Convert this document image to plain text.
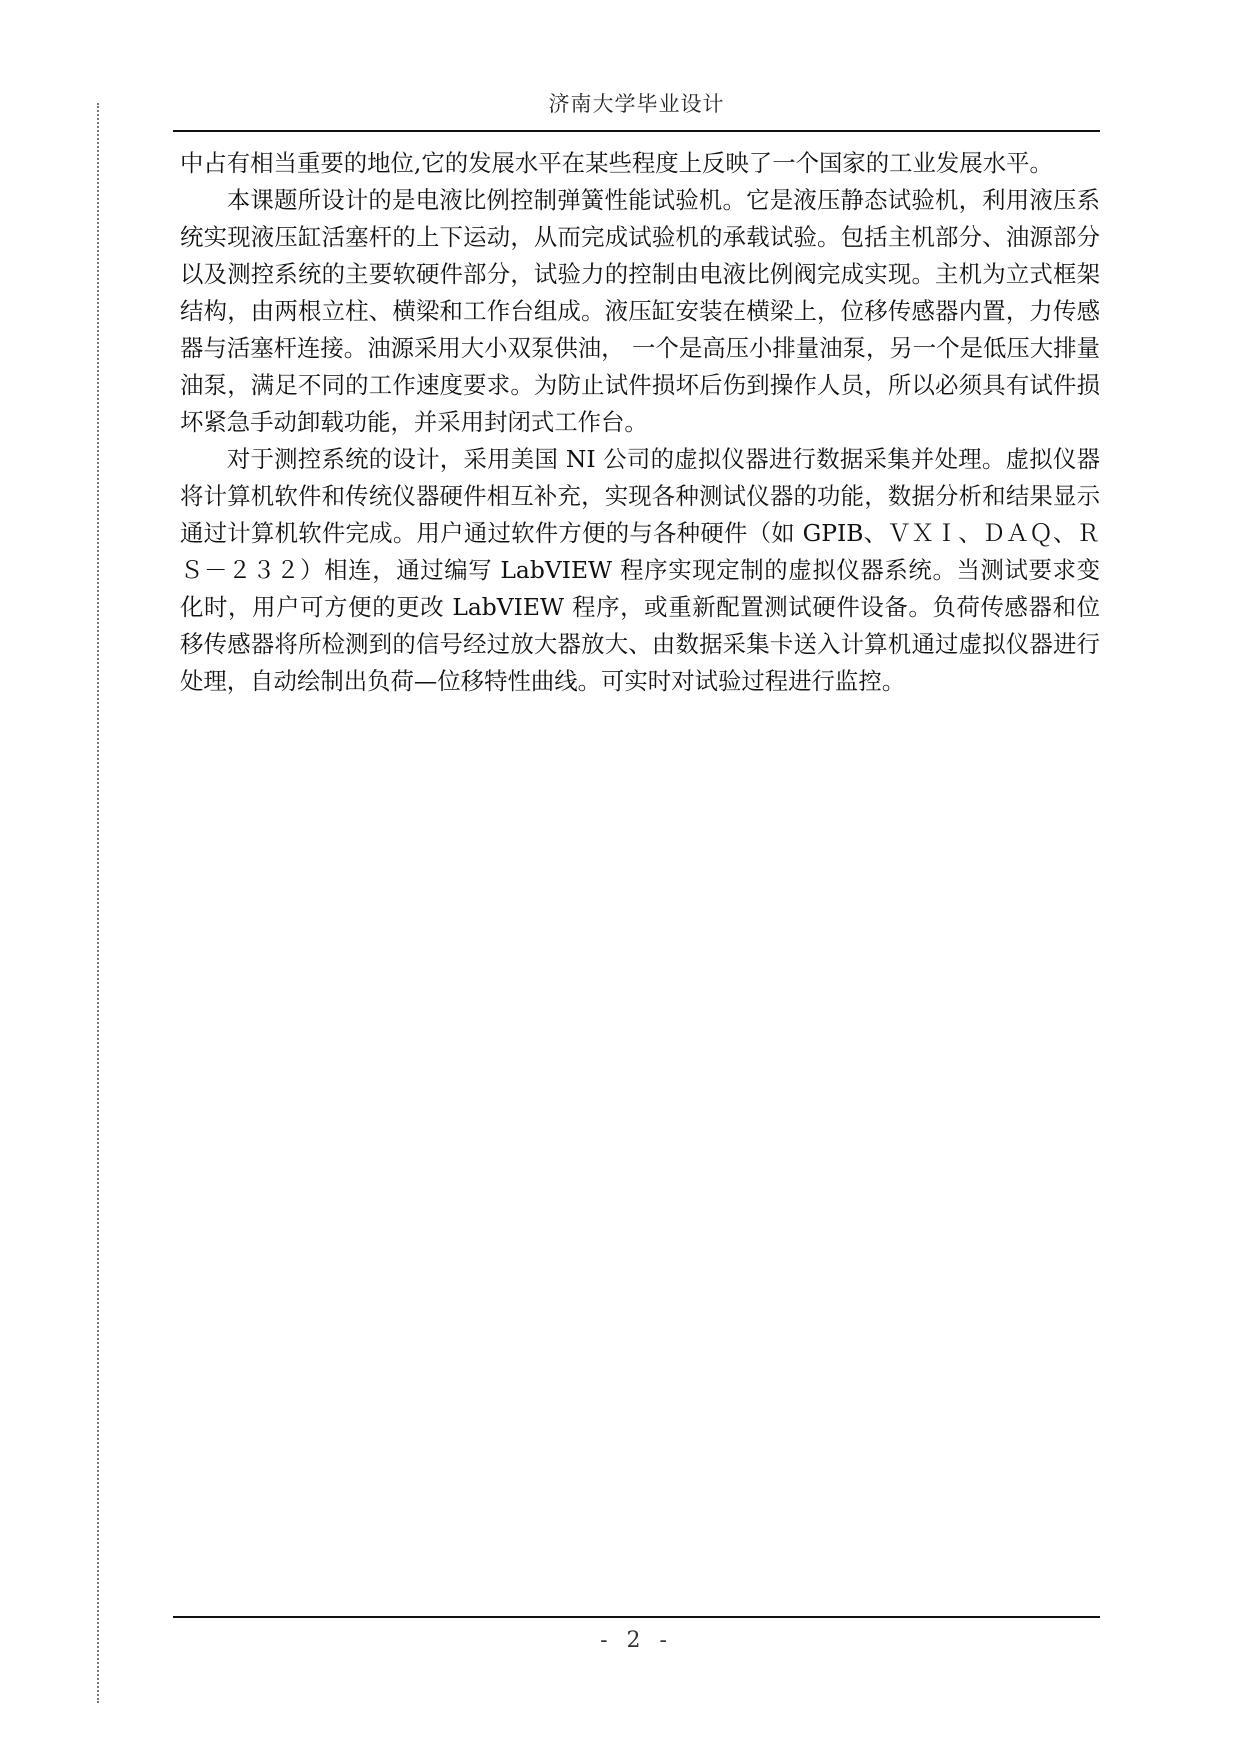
济南大学毕业设计

中占有相当重要的地位,它的发展水平在某些程度上反映了一个国家的工业发展水平。

本课题所设计的是电液比例控制弹簧性能试验机。它是液压静态试验机，利用液压系统实现液压缸活塞杆的上下运动，从而完成试验机的承载试验。包括主机部分、油源部分以及测控系统的主要软硬件部分，试验力的控制由电液比例阀完成实现。主机为立式框架结构，由两根立柱、横梁和工作台组成。液压缸安装在横梁上，位移传感器内置，力传感器与活塞杆连接。油源采用大小双泵供油， 一个是高压小排量油泵，另一个是低压大排量油泵，满足不同的工作速度要求。为防止试件损坏后伤到操作人员，所以必须具有试件损坏紧急手动卸载功能，并采用封闭式工作台。

对于测控系统的设计，采用美国 NI 公司的虚拟仪器进行数据采集并处理。虚拟仪器将计算机软件和传统仪器硬件相互补充，实现各种测试仪器的功能，数据分析和结果显示通过计算机软件完成。用户通过软件方便的与各种硬件（如 GPIB、ＶＸＩ、ＤＡＱ、ＲＳ－２３２）相连，通过编写 LabVIEW 程序实现定制的虚拟仪器系统。当测试要求变化时，用户可方便的更改 LabVIEW 程序，或重新配置测试硬件设备。负荷传感器和位移传感器将所检测到的信号经过放大器放大、由数据采集卡送入计算机通过虚拟仪器进行处理，自动绘制出负荷—位移特性曲线。可实时对试验过程进行监控。

- 2 -
